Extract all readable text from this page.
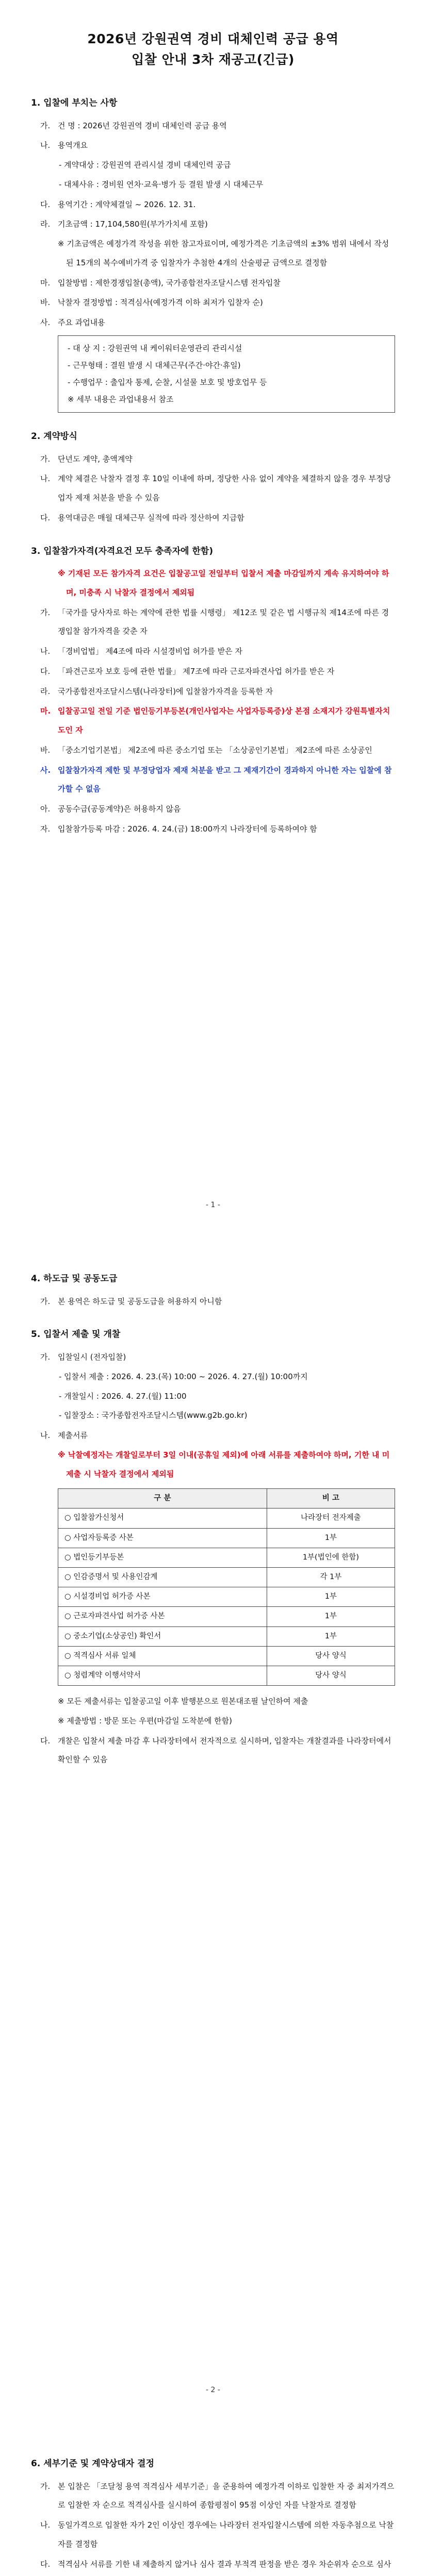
2026년 강원권역 경비 대체인력 공급 용역
입찰 안내 3차 재공고(긴급)
1. 입찰에 부치는 사항
가. 건 명 : 2026년 강원권역 경비 대체인력 공급 용역
나. 용역개요
- 계약대상 : 강원권역 관리시설 경비 대체인력 공급
- 대체사유 : 경비원 연차·교육·병가 등 결원 발생 시 대체근무
다. 용역기간 : 계약체결일 ~ 2026. 12. 31.
라. 기초금액 : 17,104,580원(부가가치세 포함)
※ 기초금액은 예정가격 작성을 위한 참고자료이며, 예정가격은 기초금액의 ±3% 범위 내에서 작성된 15개의 복수예비가격 중 입찰자가 추첨한 4개의 산술평균 금액으로 결정함
마. 입찰방법 : 제한경쟁입찰(총액), 국가종합전자조달시스템 전자입찰
바. 낙찰자 결정방법 : 적격심사(예정가격 이하 최저가 입찰자 순)
사. 주요 과업내용
- 대 상 지 : 강원권역 내 케이워터운영관리 관리시설
- 근무형태 : 결원 발생 시 대체근무(주간·야간·휴일)
- 수행업무 : 출입자 통제, 순찰, 시설물 보호 및 방호업무 등
※ 세부 내용은 과업내용서 참조
2. 계약방식
가. 단년도 계약, 총액계약
나. 계약 체결은 낙찰자 결정 후 10일 이내에 하며, 정당한 사유 없이 계약을 체결하지 않을 경우 부정당업자 제재 처분을 받을 수 있음
다. 용역대금은 매월 대체근무 실적에 따라 정산하여 지급함
3. 입찰참가자격(자격요건 모두 충족자에 한함)
※ 기재된 모든 참가자격 요건은 입찰공고일 전일부터 입찰서 제출 마감일까지 계속 유지하여야 하며, 미충족 시 낙찰자 결정에서 제외됨
가. 「국가를 당사자로 하는 계약에 관한 법률 시행령」 제12조 및 같은 법 시행규칙 제14조에 따른 경쟁입찰 참가자격을 갖춘 자
나. 「경비업법」 제4조에 따라 시설경비업 허가를 받은 자
다. 「파견근로자 보호 등에 관한 법률」 제7조에 따라 근로자파견사업 허가를 받은 자
라. 국가종합전자조달시스템(나라장터)에 입찰참가자격을 등록한 자
마. 입찰공고일 전일 기준 법인등기부등본(개인사업자는 사업자등록증)상 본점 소재지가 강원특별자치도인 자
바. 「중소기업기본법」 제2조에 따른 중소기업 또는 「소상공인기본법」 제2조에 따른 소상공인
사. 입찰참가자격 제한 및 부정당업자 제재 처분을 받고 그 제재기간이 경과하지 아니한 자는 입찰에 참가할 수 없음
아. 공동수급(공동계약)은 허용하지 않음
자. 입찰참가등록 마감 : 2026. 4. 24.(금) 18:00까지 나라장터에 등록하여야 함
- 1 -
4. 하도급 및 공동도급
가. 본 용역은 하도급 및 공동도급을 허용하지 아니함
5. 입찰서 제출 및 개찰
가. 입찰일시 (전자입찰)
- 입찰서 제출 : 2026. 4. 23.(목) 10:00 ~ 2026. 4. 27.(월) 10:00까지
- 개찰일시 : 2026. 4. 27.(월) 11:00
- 입찰장소 : 국가종합전자조달시스템(www.g2b.go.kr)
나. 제출서류
※ 낙찰예정자는 개찰일로부터 3일 이내(공휴일 제외)에 아래 서류를 제출하여야 하며, 기한 내 미제출 시 낙찰자 결정에서 제외됨
구 분	비 고
○ 입찰참가신청서	나라장터 전자제출
○ 사업자등록증 사본	1부
○ 법인등기부등본	1부(법인에 한함)
○ 인감증명서 및 사용인감계	각 1부
○ 시설경비업 허가증 사본	1부
○ 근로자파견사업 허가증 사본	1부
○ 중소기업(소상공인) 확인서	1부
○ 적격심사 서류 일체	당사 양식
○ 청렴계약 이행서약서	당사 양식
※ 모든 제출서류는 입찰공고일 이후 발행분으로 원본대조필 날인하여 제출
※ 제출방법 : 방문 또는 우편(마감일 도착분에 한함)
다. 개찰은 입찰서 제출 마감 후 나라장터에서 전자적으로 실시하며, 입찰자는 개찰결과를 나라장터에서 확인할 수 있음
- 2 -
6. 세부기준 및 계약상대자 결정
가. 본 입찰은 「조달청 용역 적격심사 세부기준」을 준용하여 예정가격 이하로 입찰한 자 중 최저가격으로 입찰한 자 순으로 적격심사를 실시하여 종합평점이 95점 이상인 자를 낙찰자로 결정함
나. 동일가격으로 입찰한 자가 2인 이상인 경우에는 나라장터 전자입찰시스템에 의한 자동추첨으로 낙찰자를 결정함
다. 적격심사 서류를 기한 내 제출하지 않거나 심사 결과 부적격 판정을 받은 경우 차순위자 순으로 심사
